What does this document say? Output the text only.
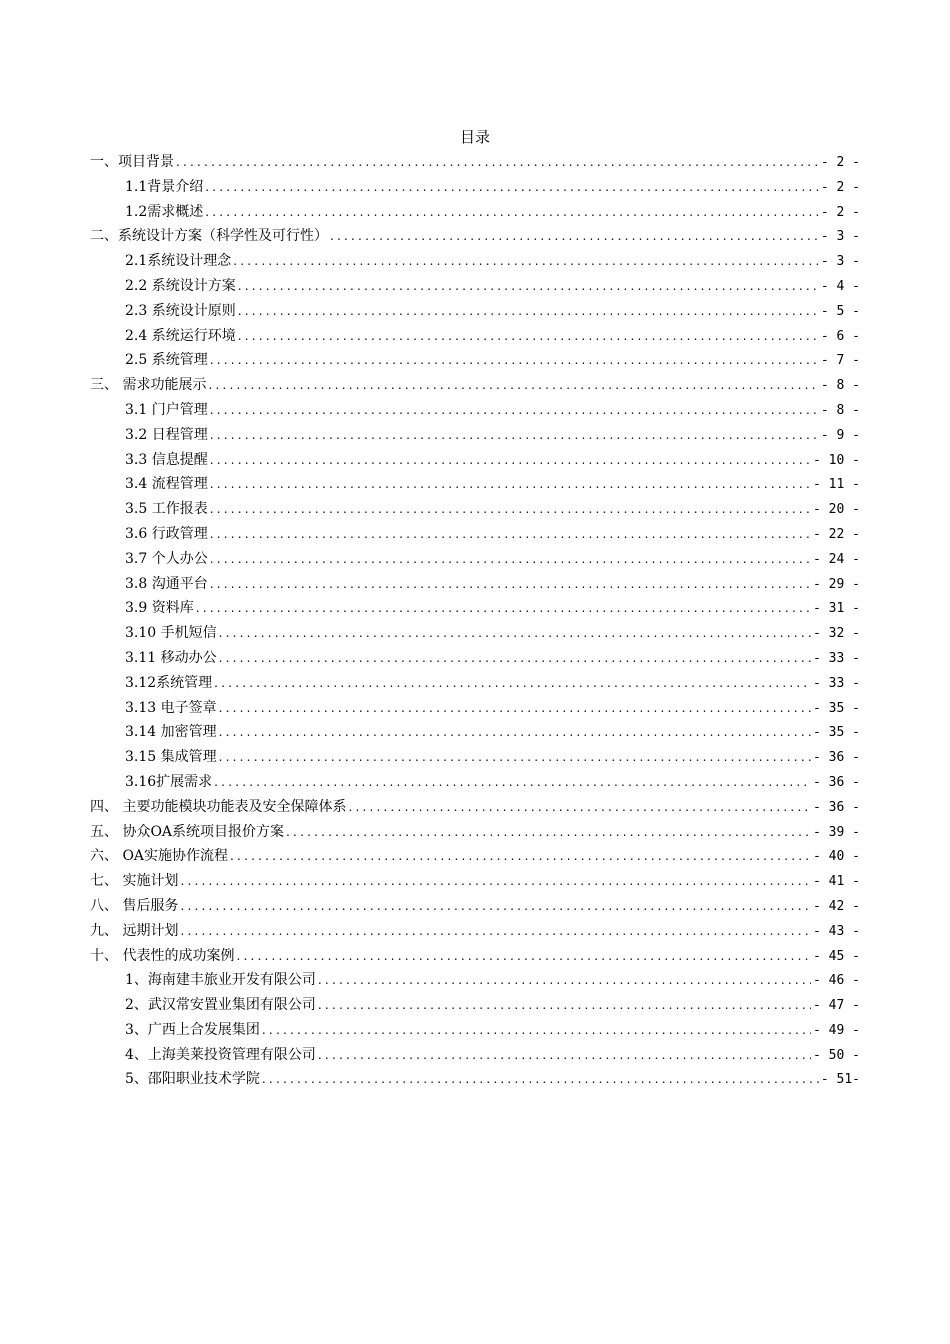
目录
一、项目背景 .....	- 2 -
1.1背景介绍 .....	- 2 -
1.2需求概述 .....	- 2 -
二、系统设计方案（科学性及可行性） .....	- 3 -
2.1系统设计理念 .....	- 3 -
2.2 系统设计方案 .....	- 4 -
2.3 系统设计原则 .....	- 5 -
2.4 系统运行环境 .....	- 6 -
2.5 系统管理 .....	- 7 -
三、 需求功能展示 .....	- 8 -
3.1 门户管理 .....	- 8 -
3.2 日程管理 .....	- 9 -
3.3 信息提醒 .....	- 10 -
3.4 流程管理 .....	- 11 -
3.5 工作报表 .....	- 20 -
3.6 行政管理 .....	- 22 -
3.7 个人办公 .....	- 24 -
3.8 沟通平台 .....	- 29 -
3.9 资料库 .....	- 31 -
3.10 手机短信 .....	- 32 -
3.11 移动办公 .....	- 33 -
3.12系统管理 .....	- 33 -
3.13 电子签章 .....	- 35 -
3.14 加密管理 .....	- 35 -
3.15 集成管理 .....	- 36 -
3.16扩展需求 .....	- 36 -
四、 主要功能模块功能表及安全保障体系 .....	- 36 -
五、 协众OA系统项目报价方案 .....	- 39 -
六、 OA实施协作流程 .....	- 40 -
七、 实施计划 .....	- 41 -
八、 售后服务 .....	- 42 -
九、 远期计划 .....	- 43 -
十、 代表性的成功案例 .....	- 45 -
1、海南建丰旅业开发有限公司 .....	- 46 -
2、武汉常安置业集团有限公司 .....	- 47 -
3、广西上合发展集团 .....	- 49 -
4、上海美莱投资管理有限公司 .....	- 50 -
5、邵阳职业技术学院 .....	- 51-
